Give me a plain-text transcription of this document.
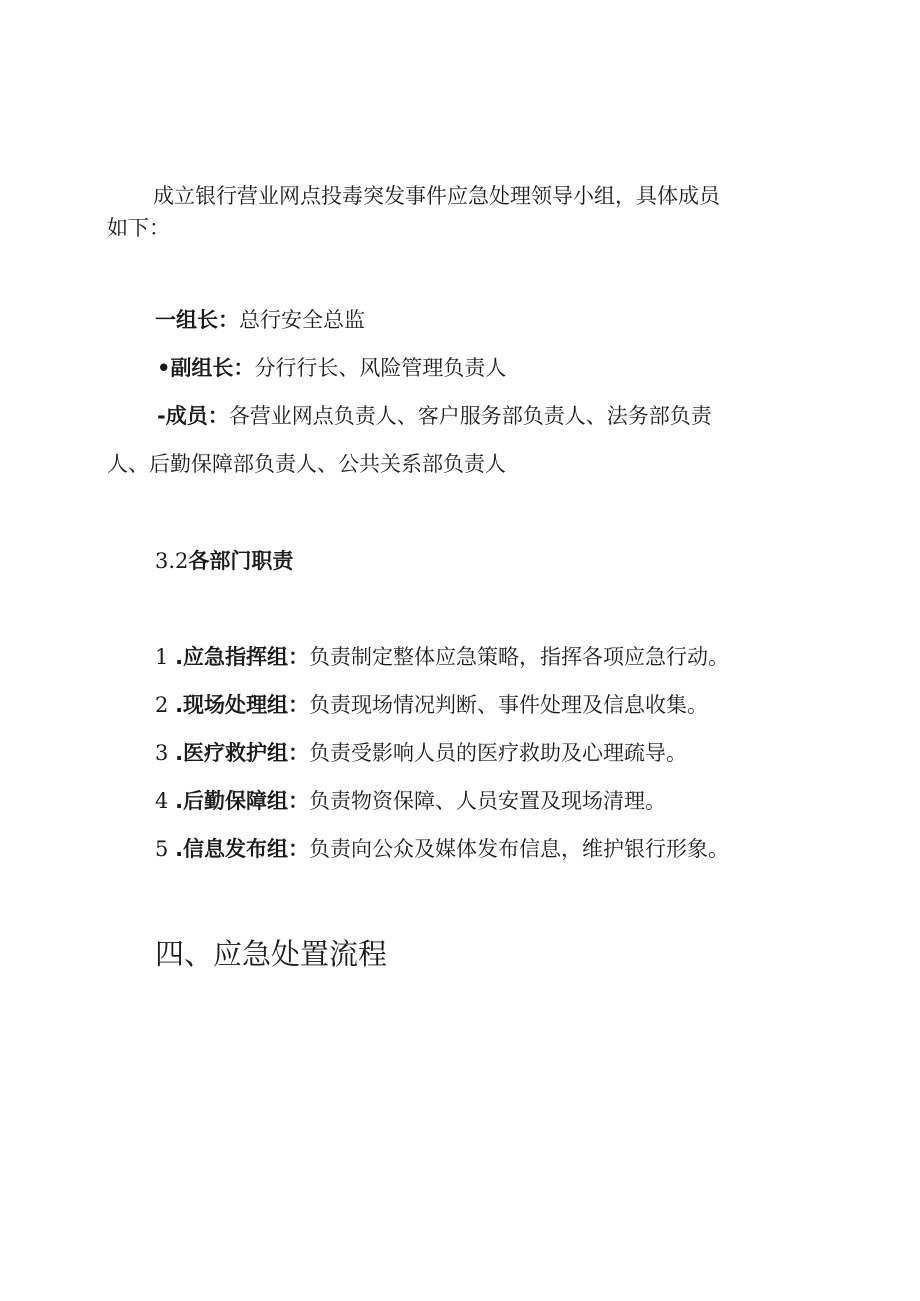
成立银行营业网点投毒突发事件应急处理领导小组，具体成员
如下：
一组长：总行安全总监
•副组长：分行行长、风险管理负责人
-成员：各营业网点负责人、客户服务部负责人、法务部负责
人、后勤保障部负责人、公共关系部负责人
3.2各部门职责
1 .应急指挥组：负责制定整体应急策略，指挥各项应急行动。
2 .现场处理组：负责现场情况判断、事件处理及信息收集。
3 .医疗救护组：负责受影响人员的医疗救助及心理疏导。
4 .后勤保障组：负责物资保障、人员安置及现场清理。
5 .信息发布组：负责向公众及媒体发布信息，维护银行形象。
四、应急处置流程
